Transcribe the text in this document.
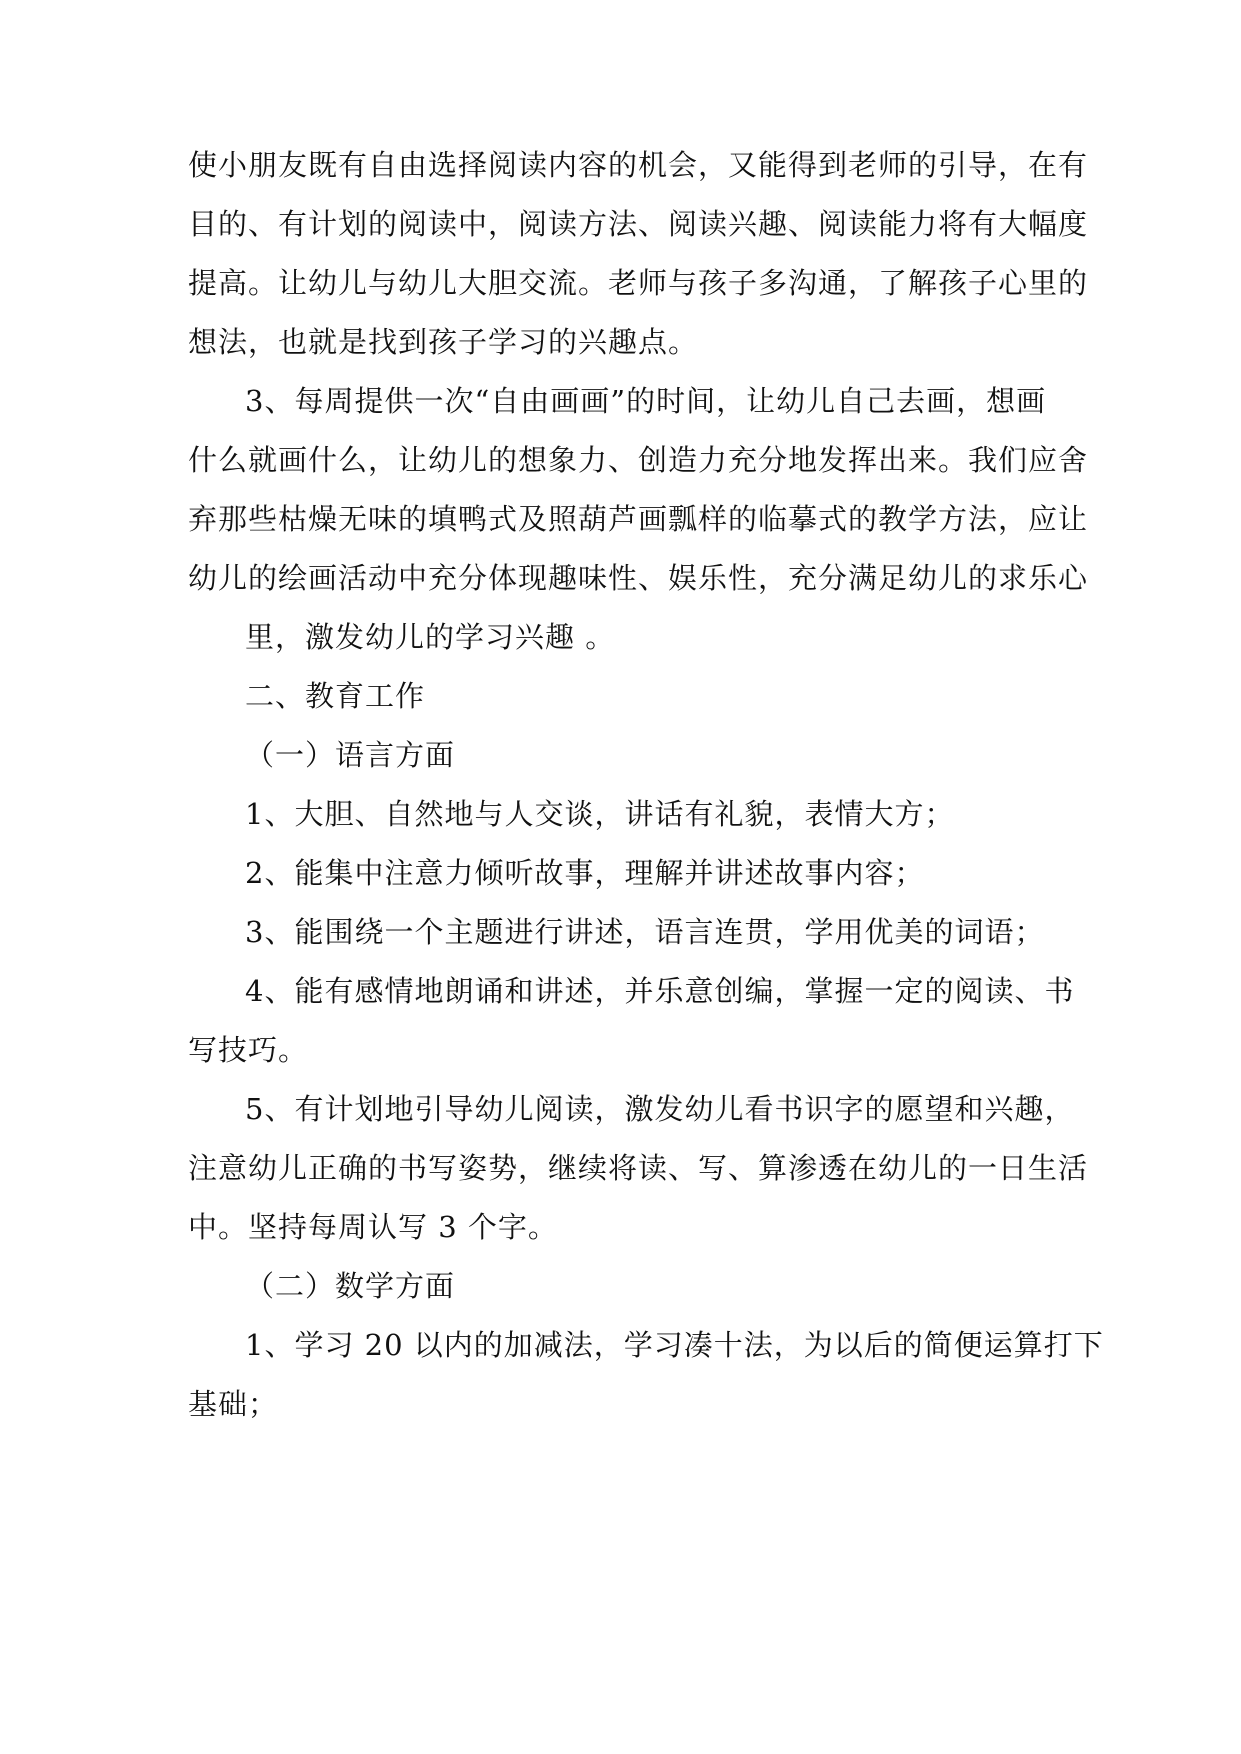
使小朋友既有自由选择阅读内容的机会，又能得到老师的引导，在有
目的、有计划的阅读中，阅读方法、阅读兴趣、阅读能力将有大幅度
提高。让幼儿与幼儿大胆交流。老师与孩子多沟通，了解孩子心里的
想法，也就是找到孩子学习的兴趣点。
3、每周提供一次“自由画画”的时间，让幼儿自己去画，想画
什么就画什么，让幼儿的想象力、创造力充分地发挥出来。我们应舍
弃那些枯燥无味的填鸭式及照葫芦画瓢样的临摹式的教学方法，应让
幼儿的绘画活动中充分体现趣味性、娱乐性，充分满足幼儿的求乐心
里，激发幼儿的学习兴趣 。
二、教育工作
（一）语言方面
1、大胆、自然地与人交谈，讲话有礼貌，表情大方；
2、能集中注意力倾听故事，理解并讲述故事内容；
3、能围绕一个主题进行讲述，语言连贯，学用优美的词语；
4、能有感情地朗诵和讲述，并乐意创编，掌握一定的阅读、书
写技巧。
5、有计划地引导幼儿阅读，激发幼儿看书识字的愿望和兴趣，
注意幼儿正确的书写姿势，继续将读、写、算渗透在幼儿的一日生活
中。坚持每周认写 3 个字。
（二）数学方面
1、学习 20 以内的加减法，学习凑十法，为以后的简便运算打下
基础；
